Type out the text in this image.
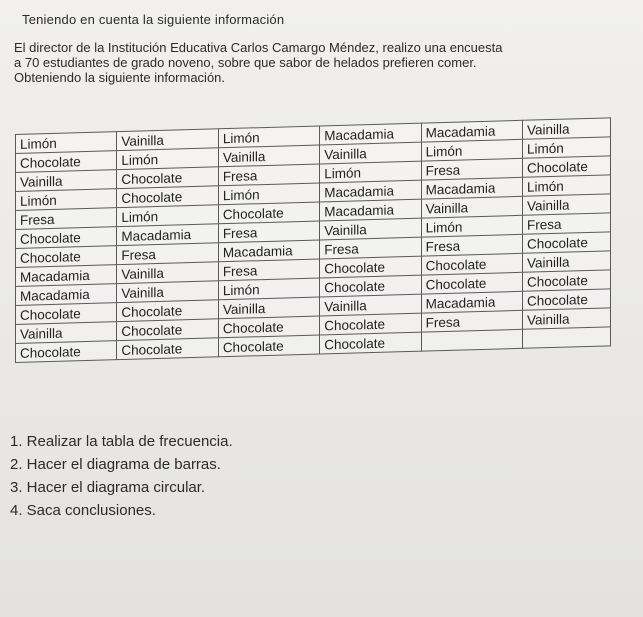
Teniendo en cuenta la siguiente información

El director de la Institución Educativa Carlos Camargo Méndez, realizo una encuesta

a 70 estudiantes de grado noveno, sobre que sabor de helados prefieren comer.

Obteniendo la siguiente información.

Limón	Vainilla	Limón	Macadamia	Macadamia	Vainilla
Chocolate	Limón	Vainilla	Vainilla	Limón	Limón
Vainilla	Chocolate	Fresa	Limón	Fresa	Chocolate
Limón	Chocolate	Limón	Macadamia	Macadamia	Limón
Fresa	Limón	Chocolate	Macadamia	Vainilla	Vainilla
Chocolate	Macadamia	Fresa	Vainilla	Limón	Fresa
Chocolate	Fresa	Macadamia	Fresa	Fresa	Chocolate
Macadamia	Vainilla	Fresa	Chocolate	Chocolate	Vainilla
Macadamia	Vainilla	Limón	Chocolate	Chocolate	Chocolate
Chocolate	Chocolate	Vainilla	Vainilla	Macadamia	Chocolate
Vainilla	Chocolate	Chocolate	Chocolate	Fresa	Vainilla
Chocolate	Chocolate	Chocolate	Chocolate		
1. Realizar la tabla de frecuencia.
2. Hacer el diagrama de barras.
3. Hacer el diagrama circular.
4. Saca conclusiones.
